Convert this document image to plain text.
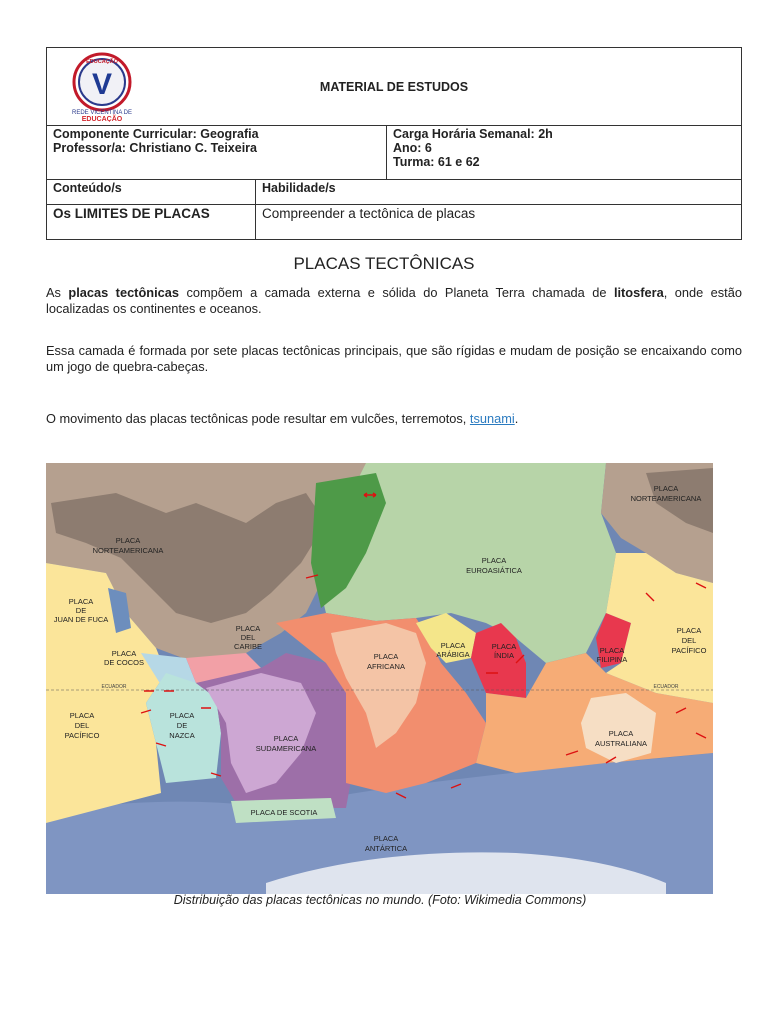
MATERIAL DE ESTUDOS

Componente Curricular: Geografia
Professor/a: Christiano C. Teixeira

Carga Horária Semanal: 2h
Ano: 6
Turma: 61 e 62
Conteúdo/s	Habilidade/s
Os LIMITES DE PLACAS	Compreender a tectônica de placas
EDUCAÇÃO
V
REDE VICENTINA DE
EDUCAÇÃO
PLACAS TECTÔNICAS

As placas tectônicas compõem a camada externa e sólida do Planeta Terra chamada de litosfera, onde estão localizadas os continentes e oceanos.

Essa camada é formada por sete placas tectônicas principais, que são rígidas e mudam de posição se encaixando como um jogo de quebra-cabeças.

O movimento das placas tectônicas pode resultar em vulcões, terremotos, tsunami.

PLACA NORTEAMERICANA
PLACA NORTEAMERICANA
PLACA EUROASIÁTICA
PLACA DE JUAN DE FUCA
PLACA DEL CARIBE
PLACA DE COCOS
PLACA AFRICANA
PLACA ARÁBIGA
PLACA ÍNDIA
PLACA FILIPINA
PLACA DEL PACÍFICO
PLACA DEL PACÍFICO
PLACA DE NAZCA	PLACA SUDAMERICANA
PLACA AUSTRALIANA
PLACA DE SCOTIA
PLACA ANTÁRTICA
ECUADOR	ECUADOR
Distribuição das placas tectônicas no mundo. (Foto: Wikimedia Commons)
